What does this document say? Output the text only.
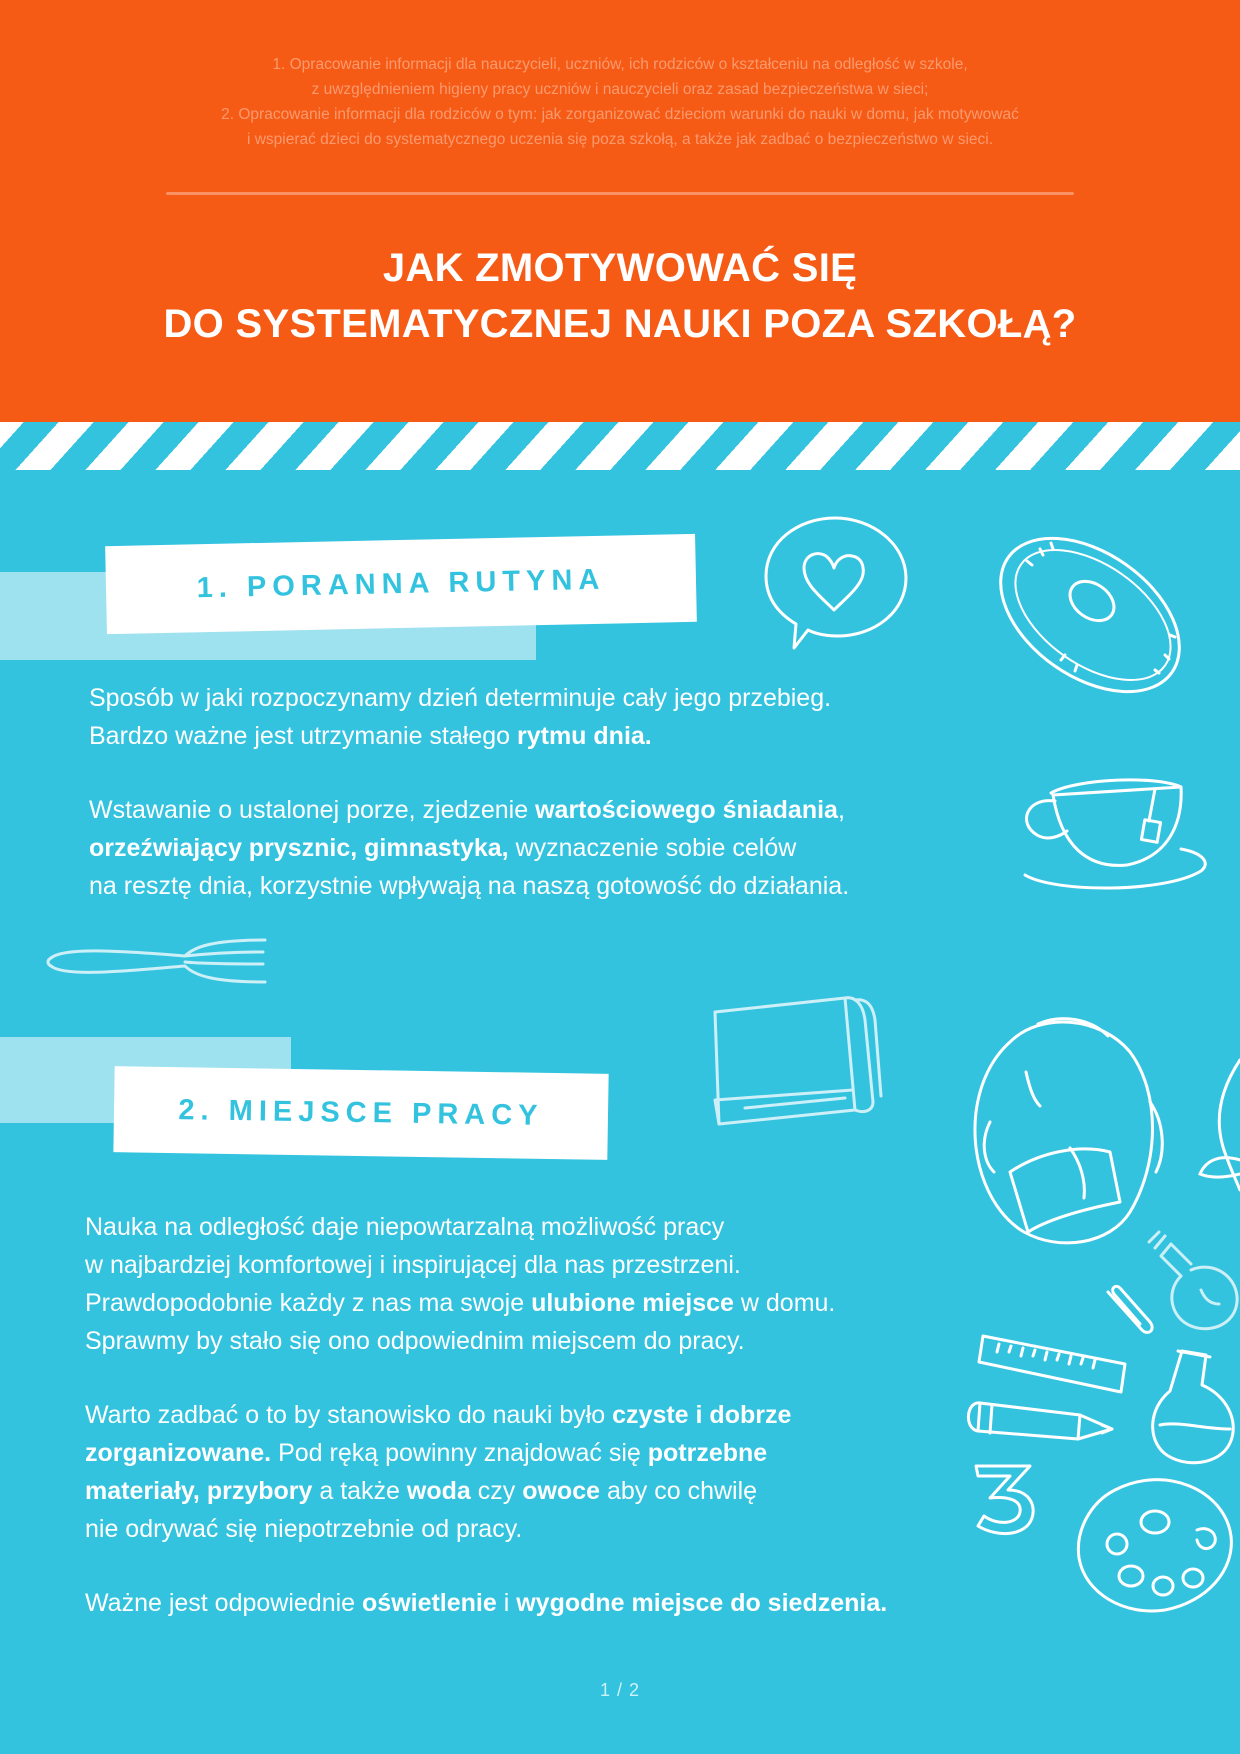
1. Opracowanie informacji dla nauczycieli, uczniów, ich rodziców o kształceniu na odległość w szkole,

z uwzględnieniem higieny pracy uczniów i nauczycieli oraz zasad bezpieczeństwa w sieci;

2. Opracowanie informacji dla rodziców o tym: jak zorganizować dzieciom warunki do nauki w domu, jak motywować

i wspierać dzieci do systematycznego uczenia się poza szkołą, a także jak zadbać o bezpieczeństwo w sieci.

JAK ZMOTYWOWAĆ SIĘ
DO SYSTEMATYCZNEJ NAUKI POZA SZKOŁĄ?
1. PORANNA RUTYNA

Sposób w jaki rozpoczynamy dzień determinuje cały jego przebieg.

Bardzo ważne jest utrzymanie stałego rytmu dnia.

Wstawanie o ustalonej porze, zjedzenie wartościowego śniadania,

orzeźwiający prysznic, gimnastyka, wyznaczenie sobie celów

na resztę dnia, korzystnie wpływają na naszą gotowość do działania.

2. MIEJSCE PRACY

Nauka na odległość daje niepowtarzalną możliwość pracy

w najbardziej komfortowej i inspirującej dla nas przestrzeni.

Prawdopodobnie każdy z nas ma swoje ulubione miejsce w domu.

Sprawmy by stało się ono odpowiednim miejscem do pracy.

Warto zadbać o to by stanowisko do nauki było czyste i dobrze

zorganizowane. Pod ręką powinny znajdować się potrzebne

materiały, przybory a także woda czy owoce aby co chwilę

nie odrywać się niepotrzebnie od pracy.

Ważne jest odpowiednie oświetlenie i wygodne miejsce do siedzenia.

1 / 2
